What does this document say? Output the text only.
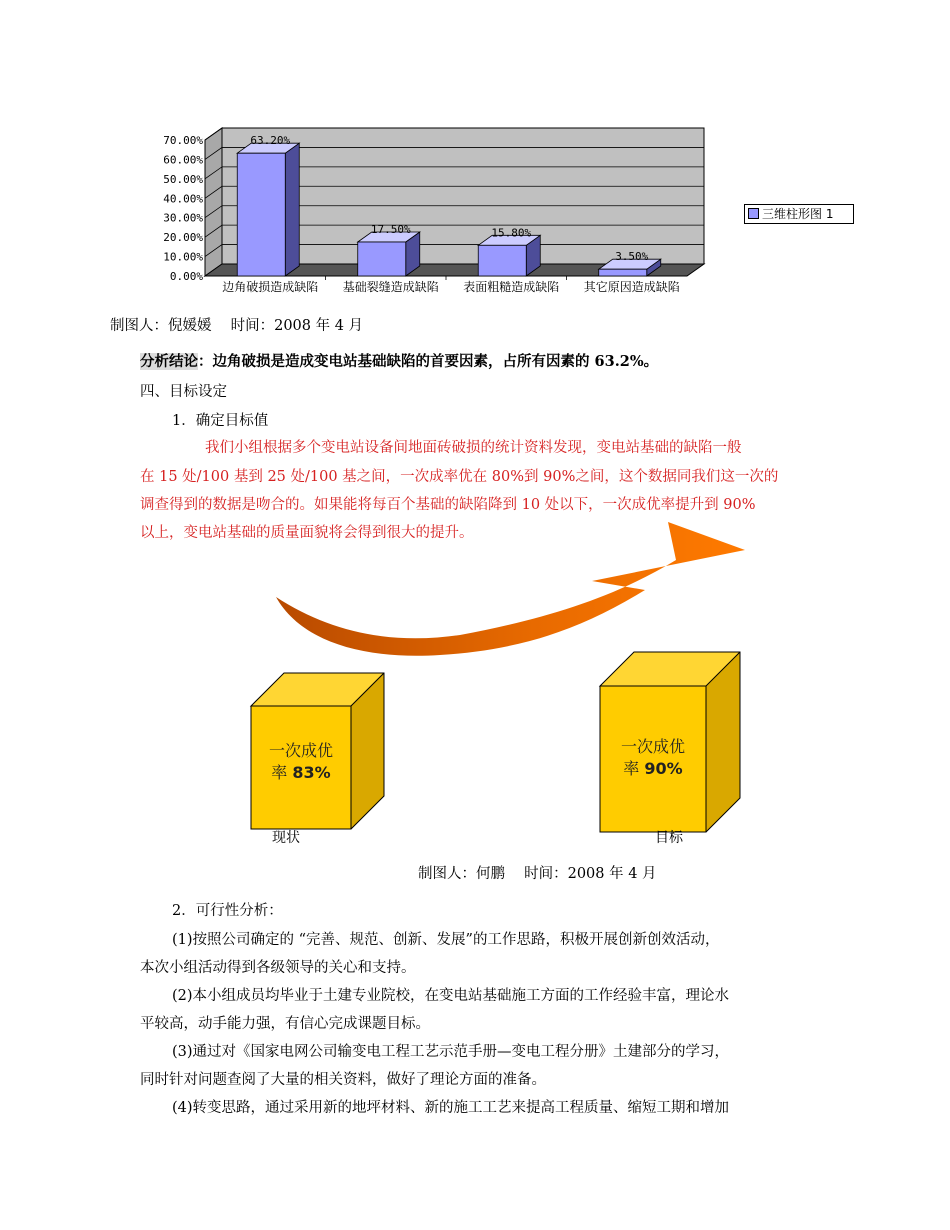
70.00%
60.00%
50.00%
40.00%
30.00%
20.00%
10.00%
0.00%
63.20%
17.50%	15.80%
3.50%
边角破损造成缺陷 基础裂缝造成缺陷 表面粗糙造成缺陷 其它原因造成缺陷
三维柱形图 1
制图人：倪媛媛　 时间：2008 年 4 月
分析结论：边角破损是造成变电站基础缺陷的首要因素，占所有因素的 63.2%。
四、目标设定
1．确定目标值
我们小组根据多个变电站设备间地面砖破损的统计资料发现，变电站基础的缺陷一般
在 15 处/100 基到 25 处/100 基之间，一次成率优在 80%到 90%之间，这个数据同我们这一次的
调查得到的数据是吻合的。如果能将每百个基础的缺陷降到 10 处以下，一次成优率提升到 90%
以上，变电站基础的质量面貌将会得到很大的提升。
一次成优
率 83%
现状
一次成优
率 90%
目标
制图人：何鹏　 时间：2008 年 4 月
2．可行性分析：
(1)按照公司确定的 “完善、规范、创新、发展”的工作思路，积极开展创新创效活动，
本次小组活动得到各级领导的关心和支持。
(2)本小组成员均毕业于土建专业院校，在变电站基础施工方面的工作经验丰富，理论水
平较高，动手能力强，有信心完成课题目标。
(3)通过对《国家电网公司输变电工程工艺示范手册—变电工程分册》土建部分的学习，
同时针对问题查阅了大量的相关资料，做好了理论方面的准备。
(4)转变思路，通过采用新的地坪材料、新的施工工艺来提高工程质量、缩短工期和增加
